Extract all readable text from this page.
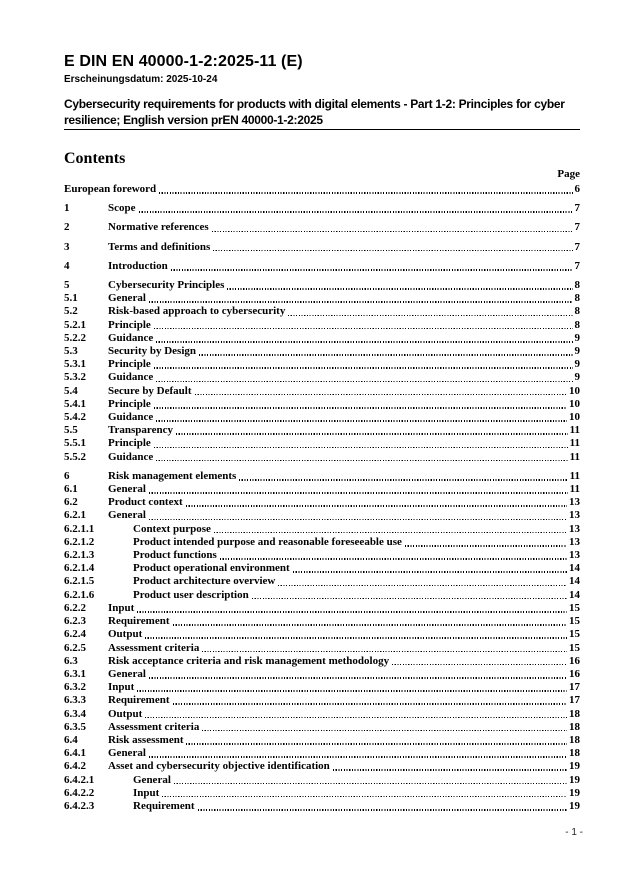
E DIN EN 40000-1-2:2025-11 (E)
Erscheinungsdatum: 2025-10-24
Cybersecurity requirements for products with digital elements - Part 1-2: Principles for cyber resilience; English version prEN 40000-1-2:2025
Contents
Page
European foreword	6
1	Scope	7
2	Normative references	7
3	Terms and definitions	7
4	Introduction	7
5	Cybersecurity Principles	8
5.1	General	8
5.2	Risk-based approach to cybersecurity	8
5.2.1	Principle	8
5.2.2	Guidance	9
5.3	Security by Design	9
5.3.1	Principle	9
5.3.2	Guidance	9
5.4	Secure by Default	10
5.4.1	Principle	10
5.4.2	Guidance	10
5.5	Transparency	11
5.5.1	Principle	11
5.5.2	Guidance	11
6	Risk management elements	11
6.1	General	11
6.2	Product context	13
6.2.1	General	13
6.2.1.1	Context purpose	13
6.2.1.2	Product intended purpose and reasonable foreseeable use	13
6.2.1.3	Product functions	13
6.2.1.4	Product operational environment	14
6.2.1.5	Product architecture overview	14
6.2.1.6	Product user description	14
6.2.2	Input	15
6.2.3	Requirement	15
6.2.4	Output	15
6.2.5	Assessment criteria	15
6.3	Risk acceptance criteria and risk management methodology	16
6.3.1	General	16
6.3.2	Input	17
6.3.3	Requirement	17
6.3.4	Output	18
6.3.5	Assessment criteria	18
6.4	Risk assessment	18
6.4.1	General	18
6.4.2	Asset and cybersecurity objective identification	19
6.4.2.1	General	19
6.4.2.2	Input	19
6.4.2.3	Requirement	19
- 1 -
